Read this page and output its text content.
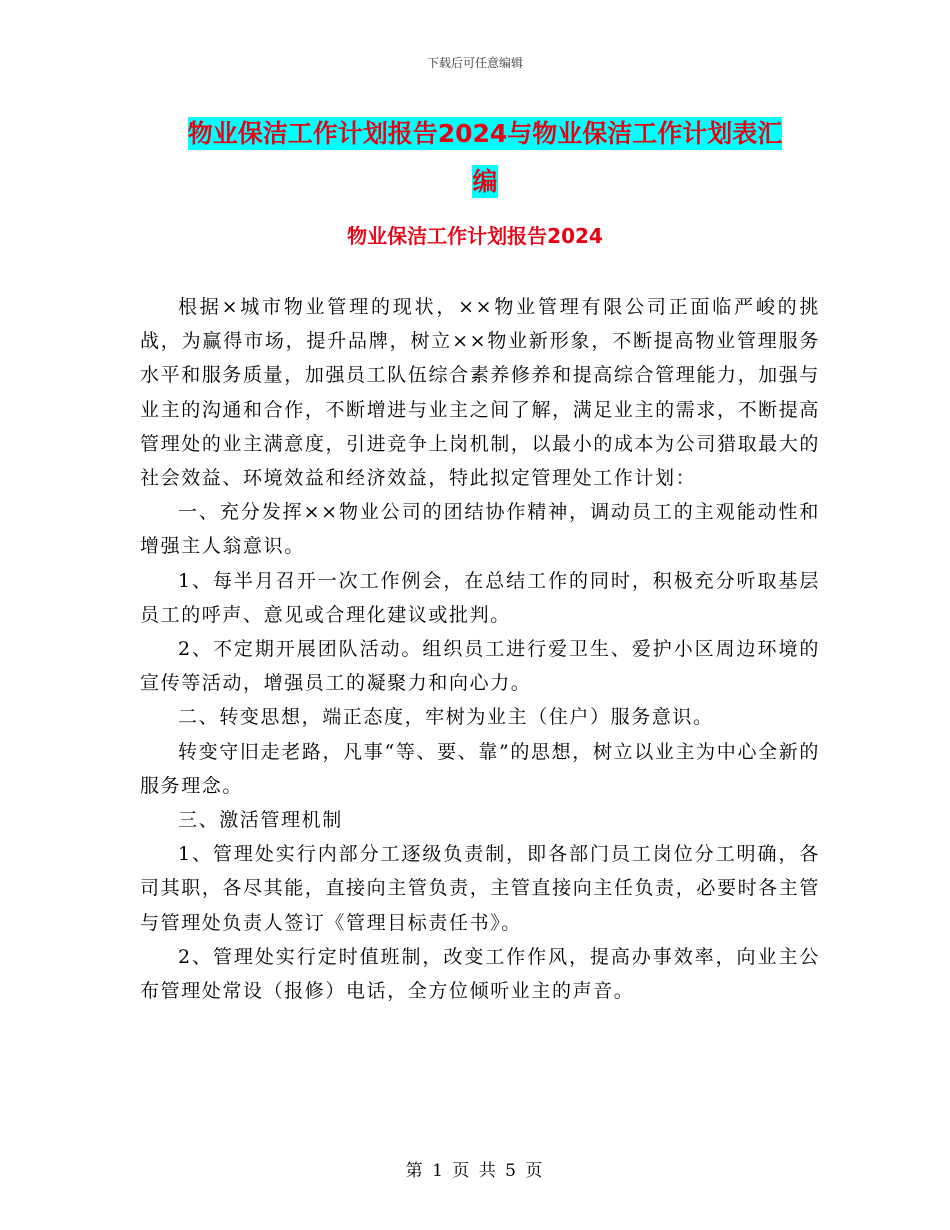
下载后可任意编辑
物业保洁工作计划报告2024与物业保洁工作计划表汇
编
物业保洁工作计划报告2024

根据×城市物业管理的现状，××物业管理有限公司正面临严峻的挑战，为赢得市场，提升品牌，树立××物业新形象，不断提高物业管理服务水平和服务质量，加强员工队伍综合素养修养和提高综合管理能力，加强与业主的沟通和合作，不断增进与业主之间了解，满足业主的需求，不断提高管理处的业主满意度，引进竞争上岗机制，以最小的成本为公司猎取最大的社会效益、环境效益和经济效益，特此拟定管理处工作计划：

一、充分发挥××物业公司的团结协作精神，调动员工的主观能动性和增强主人翁意识。

1、每半月召开一次工作例会，在总结工作的同时，积极充分听取基层员工的呼声、意见或合理化建议或批判。

2、不定期开展团队活动。组织员工进行爱卫生、爱护小区周边环境的宣传等活动，增强员工的凝聚力和向心力。

二、转变思想，端正态度，牢树为业主（住户）服务意识。

转变守旧走老路，凡事“等、要、靠”的思想，树立以业主为中心全新的服务理念。

三、激活管理机制

1、管理处实行内部分工逐级负责制，即各部门员工岗位分工明确，各司其职，各尽其能，直接向主管负责，主管直接向主任负责，必要时各主管与管理处负责人签订《管理目标责任书》。

2、管理处实行定时值班制，改变工作作风，提高办事效率，向业主公布管理处常设（报修）电话，全方位倾听业主的声音。

第 1 页 共 5 页
